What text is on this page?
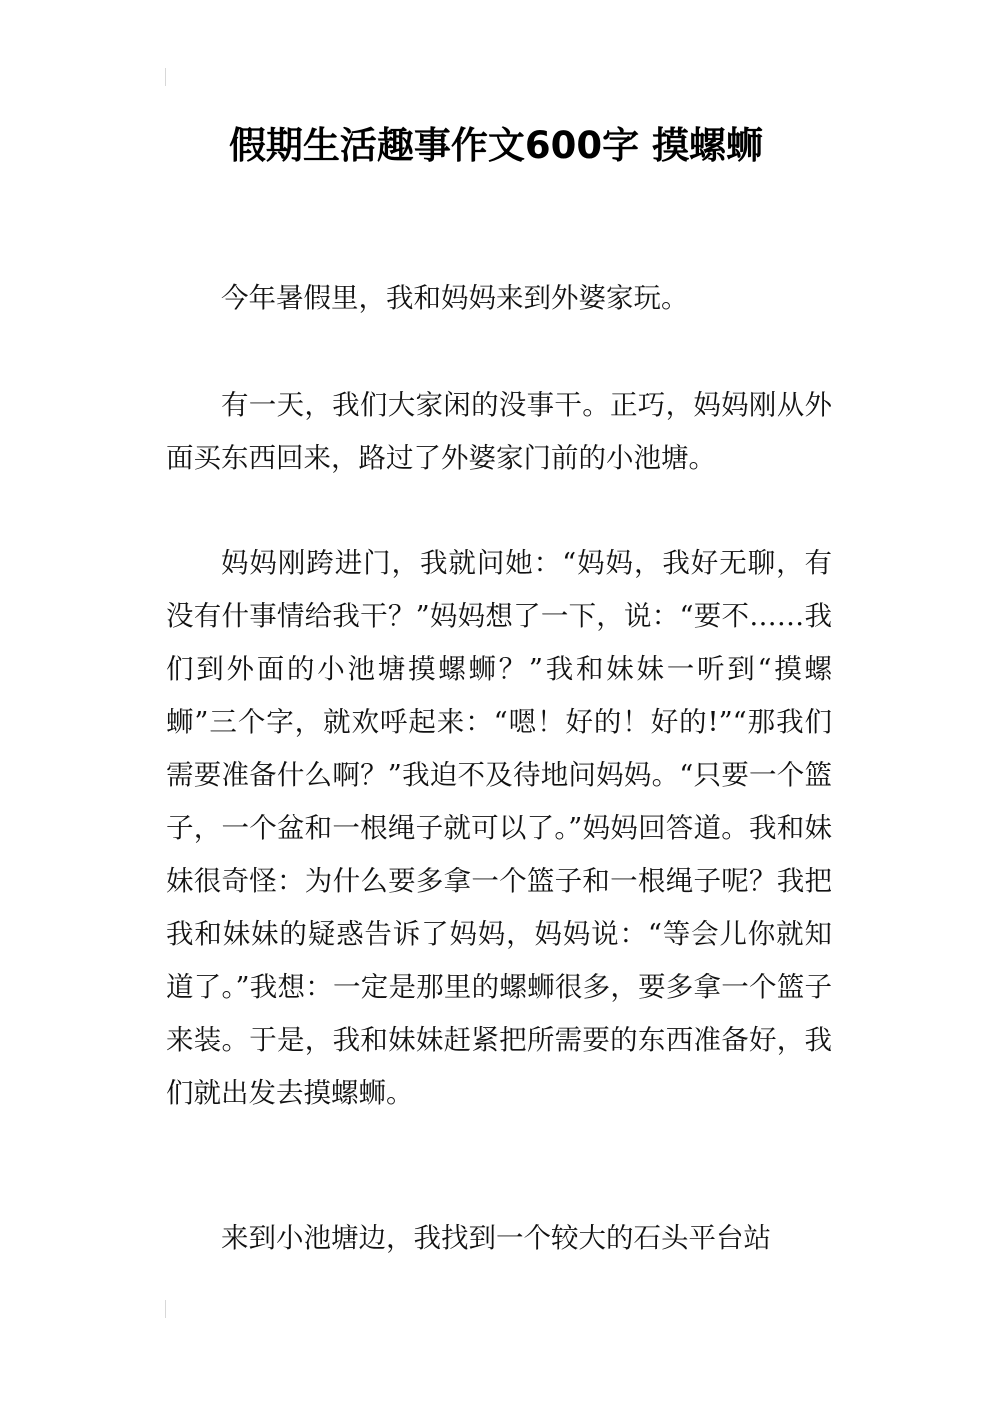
假期生活趣事作文600字 摸螺蛳

今年暑假里，我和妈妈来到外婆家玩。

有一天，我们大家闲的没事干。正巧，妈妈刚从外面买东西回来，路过了外婆家门前的小池塘。

妈妈刚跨进门，我就问她：“妈妈，我好无聊，有没有什事情给我干？”妈妈想了一下，说：“要不……我们到外面的小池塘摸螺蛳？”我和妹妹一听到“摸螺蛳”三个字，就欢呼起来：“嗯！好的！好的!”“那我们需要准备什么啊？”我迫不及待地问妈妈。“只要一个篮子，一个盆和一根绳子就可以了。”妈妈回答道。我和妹妹很奇怪：为什么要多拿一个篮子和一根绳子呢？我把我和妹妹的疑惑告诉了妈妈，妈妈说：“等会儿你就知道了。”我想：一定是那里的螺蛳很多，要多拿一个篮子来装。于是，我和妹妹赶紧把所需要的东西准备好，我们就出发去摸螺蛳。

来到小池塘边，我找到一个较大的石头平台站
